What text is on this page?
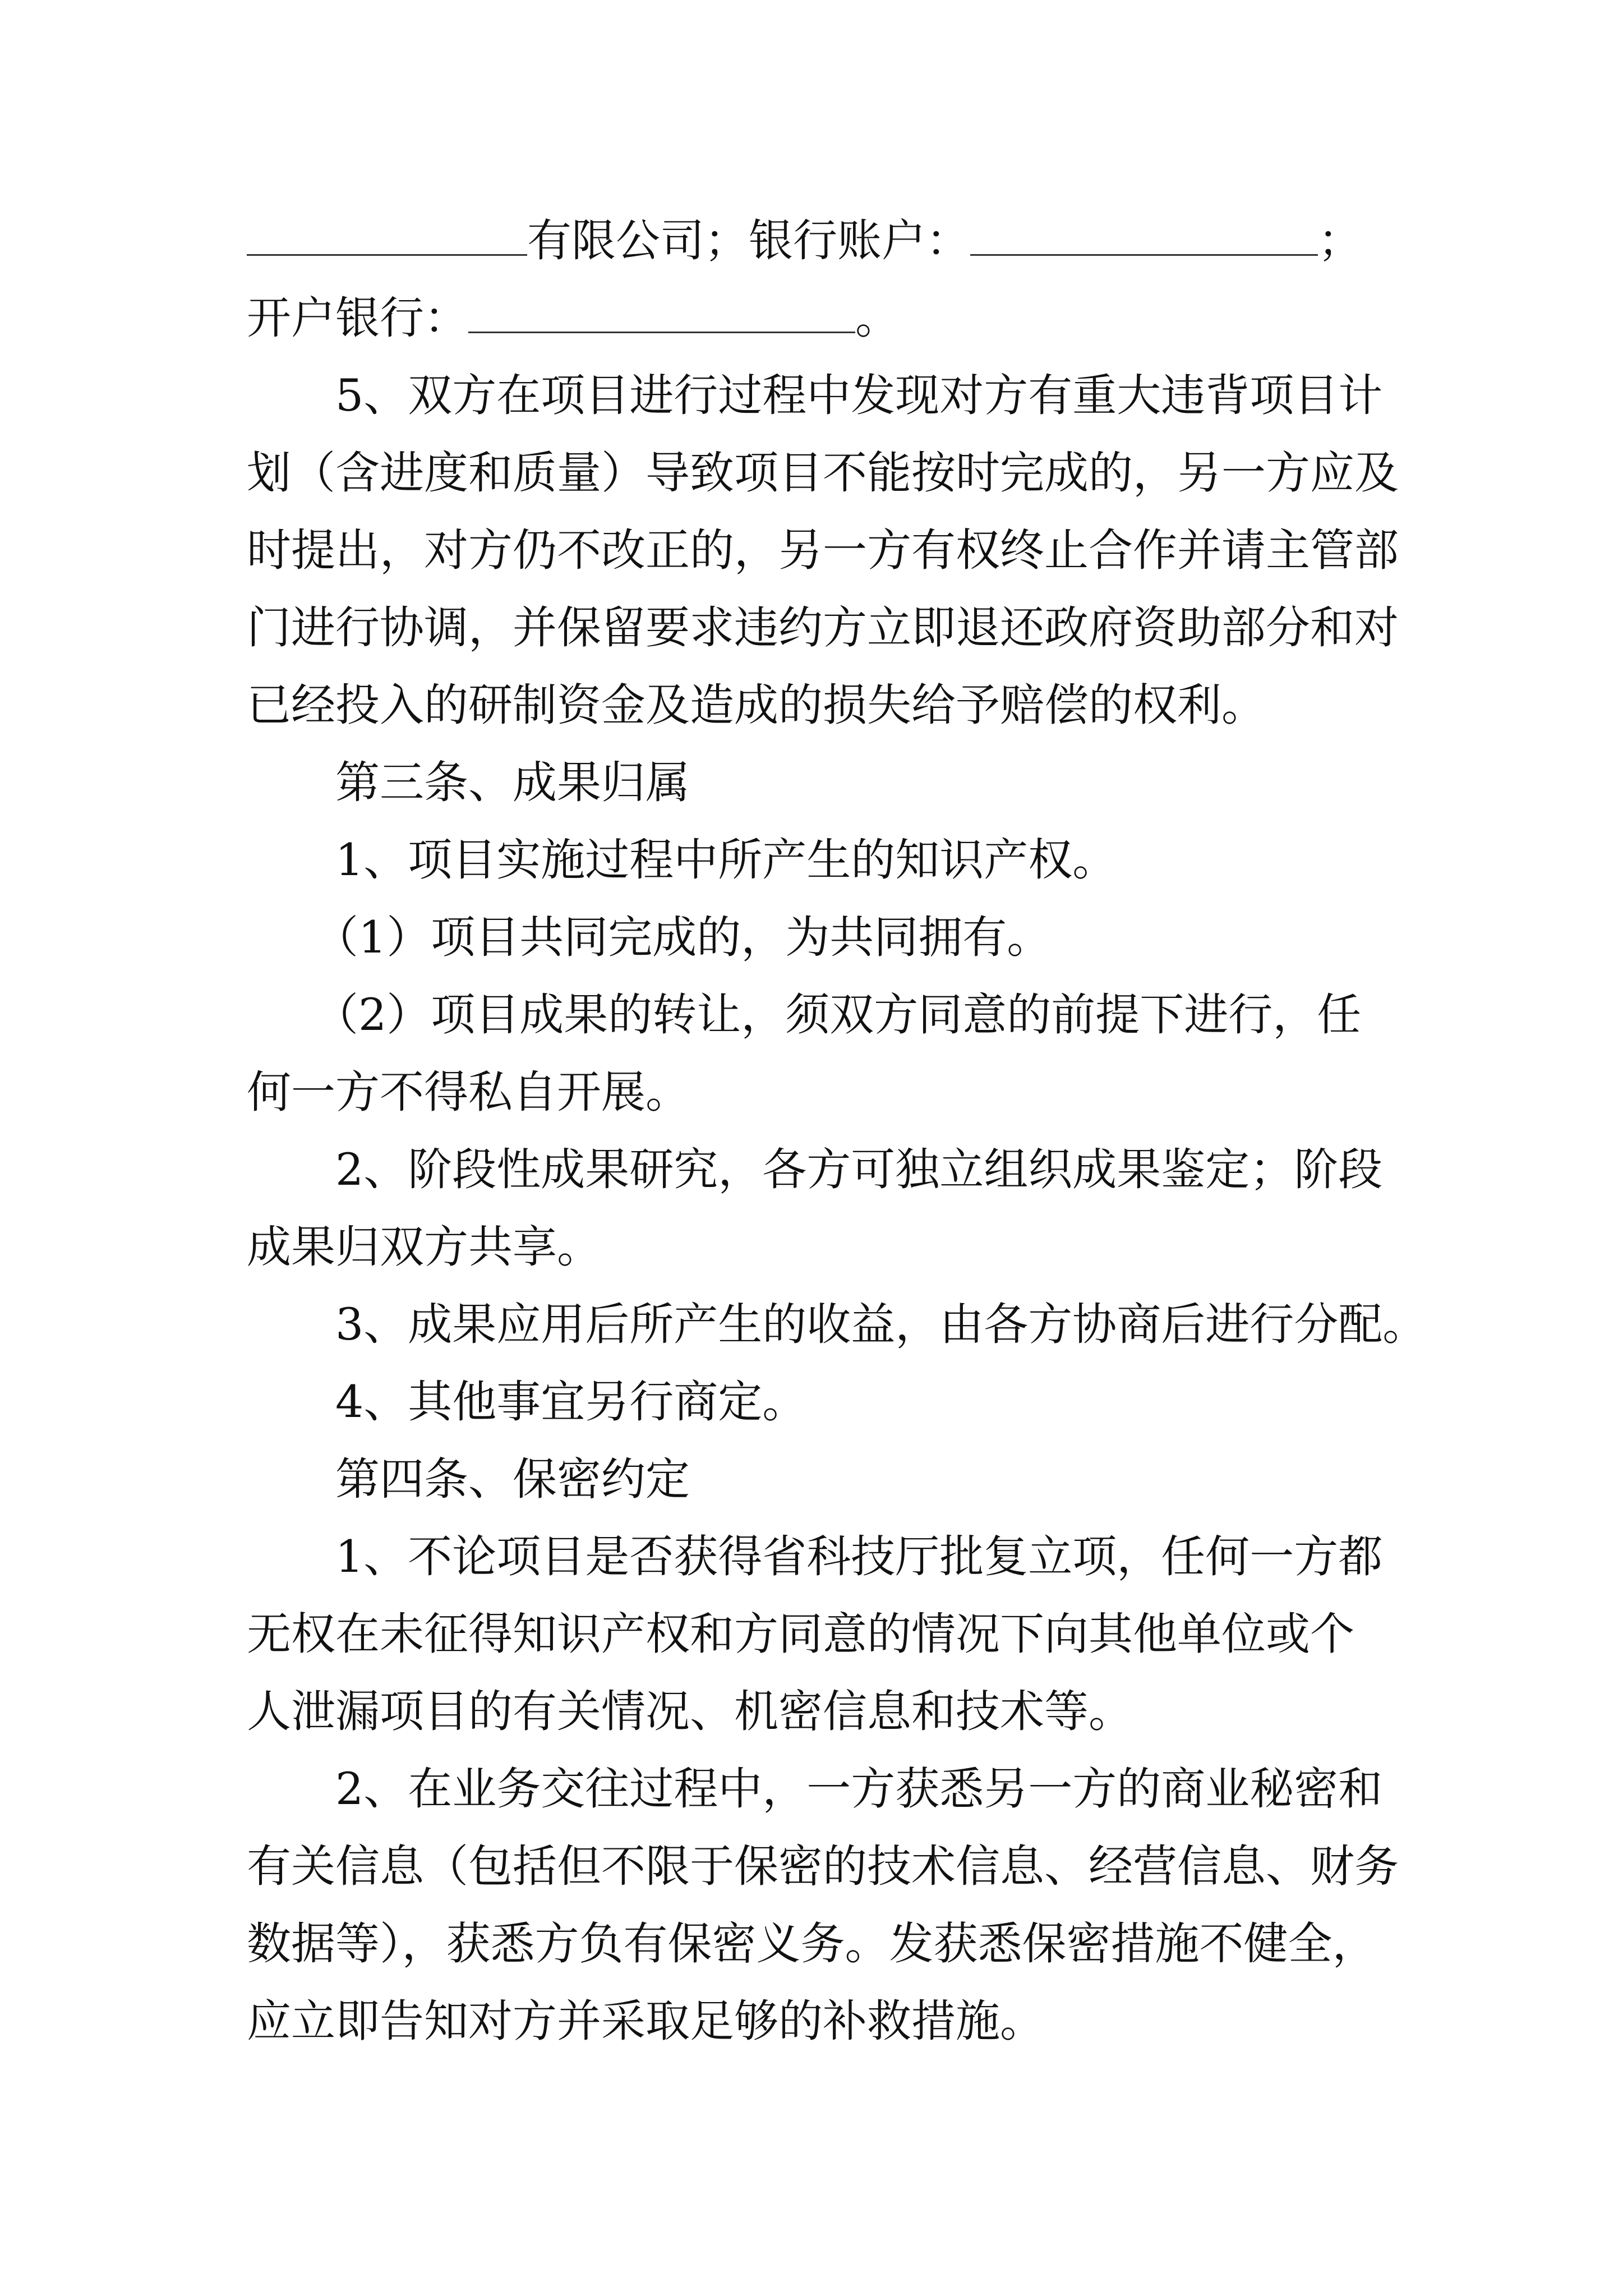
有限公司；银行账户：	；
开户银行：	。
5、双方在项目进行过程中发现对方有重大违背项目计
划（含进度和质量）导致项目不能按时完成的，另一方应及
时提出，对方仍不改正的，另一方有权终止合作并请主管部
门进行协调，并保留要求违约方立即退还政府资助部分和对
已经投入的研制资金及造成的损失给予赔偿的权利。
第三条、成果归属
1、项目实施过程中所产生的知识产权。
（1）项目共同完成的，为共同拥有。
（2）项目成果的转让，须双方同意的前提下进行，任
何一方不得私自开展。
2、阶段性成果研究，各方可独立组织成果鉴定；阶段
成果归双方共享。
3、成果应用后所产生的收益，由各方协商后进行分配。
4、其他事宜另行商定。
第四条、保密约定
1、不论项目是否获得省科技厅批复立项，任何一方都
无权在未征得知识产权和方同意的情况下向其他单位或个
人泄漏项目的有关情况、机密信息和技术等。
2、在业务交往过程中，一方获悉另一方的商业秘密和
有关信息（包括但不限于保密的技术信息、经营信息、财务
数据等），获悉方负有保密义务。发获悉保密措施不健全，
应立即告知对方并采取足够的补救措施。
